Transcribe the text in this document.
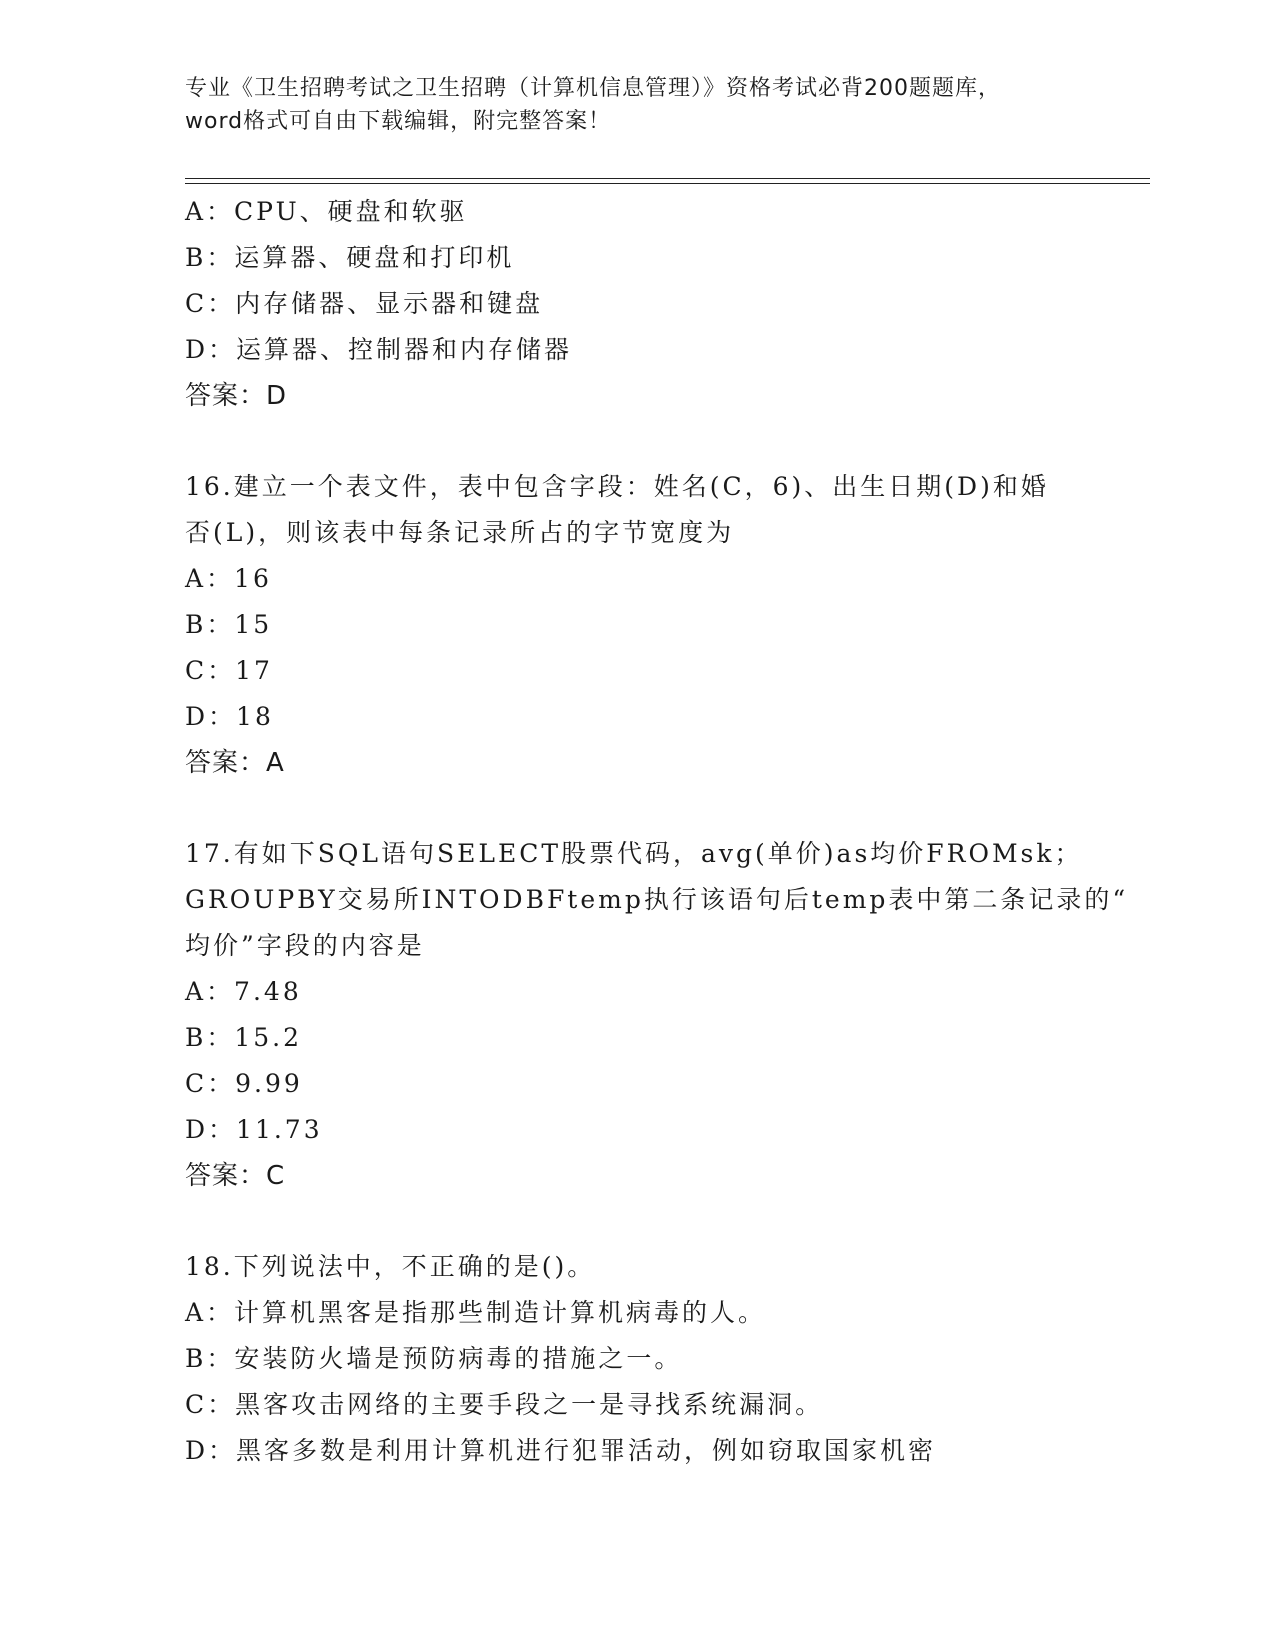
专业《卫生招聘考试之卫生招聘（计算机信息管理）》资格考试必背200题题库，
word格式可自由下载编辑，附完整答案！
A：CPU、硬盘和软驱
B：运算器、硬盘和打印机
C：内存储器、显示器和键盘
D：运算器、控制器和内存储器
答案：D
16.建立一个表文件，表中包含字段：姓名(C，6)、出生日期(D)和婚
否(L)，则该表中每条记录所占的字节宽度为
A：16
B：15
C：17
D：18
答案：A
17.有如下SQL语句SELECT股票代码，avg(单价)as均价FROMsk；
GROUPBY交易所INTODBFtemp执行该语句后temp表中第二条记录的“
均价”字段的内容是
A：7.48
B：15.2
C：9.99
D：11.73
答案：C
18.下列说法中，不正确的是()。
A：计算机黑客是指那些制造计算机病毒的人。
B：安装防火墙是预防病毒的措施之一。
C：黑客攻击网络的主要手段之一是寻找系统漏洞。
D：黑客多数是利用计算机进行犯罪活动，例如窃取国家机密
